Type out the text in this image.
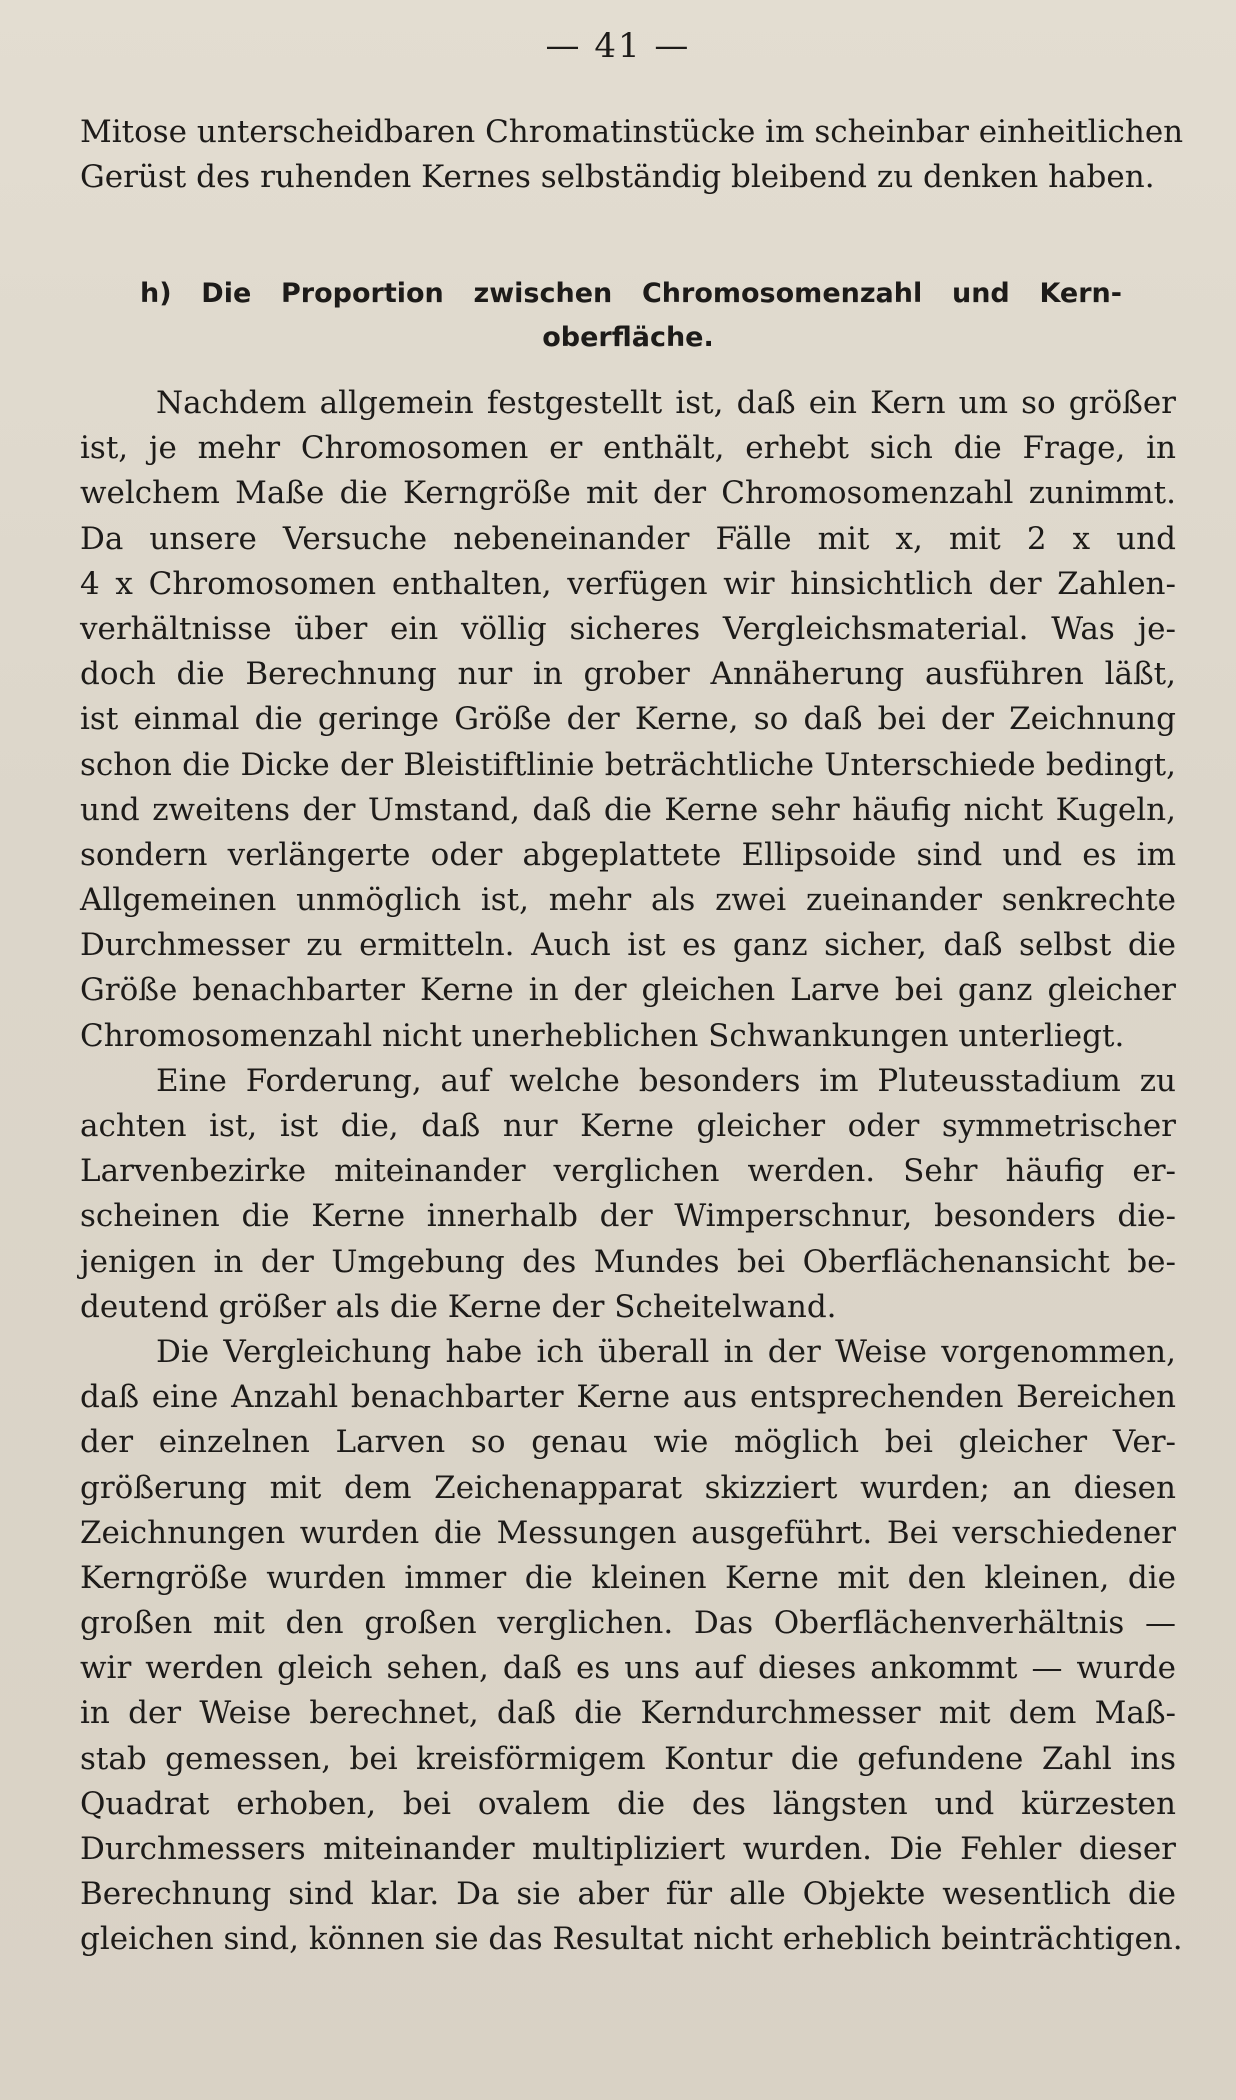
— 41 —
Mitose unterscheidbaren Chromatinstücke im scheinbar einheitlichen
Gerüst des ruhenden Kernes selbständig bleibend zu denken haben.
h) Die Proportion zwischen Chromosomenzahl und Kern-
oberfläche.
Nachdem allgemein festgestellt ist, daß ein Kern um so größer
ist, je mehr Chromosomen er enthält, erhebt sich die Frage, in
welchem Maße die Kerngröße mit der Chromosomenzahl zunimmt.
Da unsere Versuche nebeneinander Fälle mit x, mit 2 x und
4 x Chromosomen enthalten, verfügen wir hinsichtlich der Zahlen-
verhältnisse über ein völlig sicheres Vergleichsmaterial. Was je-
doch die Berechnung nur in grober Annäherung ausführen läßt,
ist einmal die geringe Größe der Kerne, so daß bei der Zeichnung
schon die Dicke der Bleistiftlinie beträchtliche Unterschiede bedingt,
und zweitens der Umstand, daß die Kerne sehr häufig nicht Kugeln,
sondern verlängerte oder abgeplattete Ellipsoide sind und es im
Allgemeinen unmöglich ist, mehr als zwei zueinander senkrechte
Durchmesser zu ermitteln. Auch ist es ganz sicher, daß selbst die
Größe benachbarter Kerne in der gleichen Larve bei ganz gleicher
Chromosomenzahl nicht unerheblichen Schwankungen unterliegt.
Eine Forderung, auf welche besonders im Pluteusstadium zu
achten ist, ist die, daß nur Kerne gleicher oder symmetrischer
Larvenbezirke miteinander verglichen werden. Sehr häufig er-
scheinen die Kerne innerhalb der Wimperschnur, besonders die-
jenigen in der Umgebung des Mundes bei Oberflächenansicht be-
deutend größer als die Kerne der Scheitelwand.
Die Vergleichung habe ich überall in der Weise vorgenommen,
daß eine Anzahl benachbarter Kerne aus entsprechenden Bereichen
der einzelnen Larven so genau wie möglich bei gleicher Ver-
größerung mit dem Zeichenapparat skizziert wurden; an diesen
Zeichnungen wurden die Messungen ausgeführt. Bei verschiedener
Kerngröße wurden immer die kleinen Kerne mit den kleinen, die
großen mit den großen verglichen. Das Oberflächenverhältnis —
wir werden gleich sehen, daß es uns auf dieses ankommt — wurde
in der Weise berechnet, daß die Kerndurchmesser mit dem Maß-
stab gemessen, bei kreisförmigem Kontur die gefundene Zahl ins
Quadrat erhoben, bei ovalem die des längsten und kürzesten
Durchmessers miteinander multipliziert wurden. Die Fehler dieser
Berechnung sind klar. Da sie aber für alle Objekte wesentlich die
gleichen sind, können sie das Resultat nicht erheblich beinträchtigen.
